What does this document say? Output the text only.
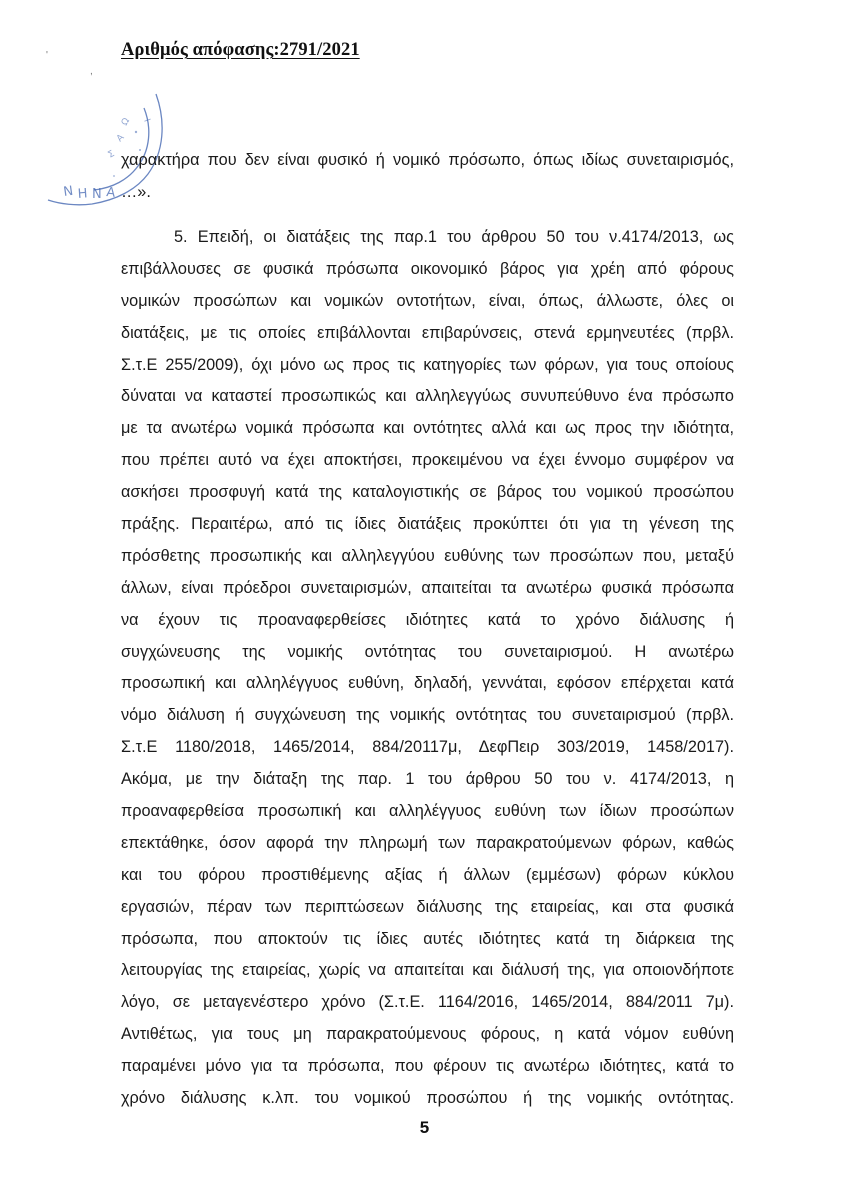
Αριθμός απόφασης:2791/2021
Ν Η Ν Α
Ω
Α
Σ
Ι
'
,
χαρακτήρα που δεν είναι φυσικό ή νομικό πρόσωπο, όπως ιδίως συνεταιρισμός,
…».
5. Επειδή, οι διατάξεις της παρ.1 του άρθρου 50 του ν.4174/2013, ως
επιβάλλουσες σε φυσικά πρόσωπα οικονομικό βάρος για χρέη από φόρους
νομικών προσώπων και νομικών οντοτήτων, είναι, όπως, άλλωστε, όλες οι
διατάξεις, με τις οποίες επιβάλλονται επιβαρύνσεις, στενά ερμηνευτέες (πρβλ.
Σ.τ.Ε 255/2009), όχι μόνο ως προς τις κατηγορίες των φόρων, για τους οποίους
δύναται να καταστεί προσωπικώς και αλληλεγγύως συνυπεύθυνο ένα πρόσωπο
με τα ανωτέρω νομικά πρόσωπα και οντότητες αλλά και ως προς την ιδιότητα,
που πρέπει αυτό να έχει αποκτήσει, προκειμένου να έχει έννομο συμφέρον να
ασκήσει προσφυγή κατά της καταλογιστικής σε βάρος του νομικού προσώπου
πράξης. Περαιτέρω, από τις ίδιες διατάξεις προκύπτει ότι για τη γένεση της
πρόσθετης προσωπικής και αλληλεγγύου ευθύνης των προσώπων που, μεταξύ
άλλων, είναι πρόεδροι συνεταιρισμών, απαιτείται τα ανωτέρω φυσικά πρόσωπα
να έχουν τις προαναφερθείσες ιδιότητες κατά το χρόνο διάλυσης ή
συγχώνευσης της νομικής οντότητας του συνεταιρισμού. Η ανωτέρω
προσωπική και αλληλέγγυος ευθύνη, δηλαδή, γεννάται, εφόσον επέρχεται κατά
νόμο διάλυση ή συγχώνευση της νομικής οντότητας του συνεταιρισμού (πρβλ.
Σ.τ.Ε 1180/2018, 1465/2014, 884/20117μ, ΔεφΠειρ 303/2019, 1458/2017).
Ακόμα, με την διάταξη της παρ. 1 του άρθρου 50 του ν. 4174/2013, η
προαναφερθείσα προσωπική και αλληλέγγυος ευθύνη των ίδιων προσώπων
επεκτάθηκε, όσον αφορά την πληρωμή των παρακρατούμενων φόρων, καθώς
και του φόρου προστιθέμενης αξίας ή άλλων (εμμέσων) φόρων κύκλου
εργασιών, πέραν των περιπτώσεων διάλυσης της εταιρείας, και στα φυσικά
πρόσωπα, που αποκτούν τις ίδιες αυτές ιδιότητες κατά τη διάρκεια της
λειτουργίας της εταιρείας, χωρίς να απαιτείται και διάλυσή της, για οποιονδήποτε
λόγο, σε μεταγενέστερο χρόνο (Σ.τ.Ε. 1164/2016, 1465/2014, 884/2011 7μ).
Αντιθέτως, για τους μη παρακρατούμενους φόρους, η κατά νόμον ευθύνη
παραμένει μόνο για τα πρόσωπα, που φέρουν τις ανωτέρω ιδιότητες, κατά το
χρόνο διάλυσης κ.λπ. του νομικού προσώπου ή της νομικής οντότητας.
5
